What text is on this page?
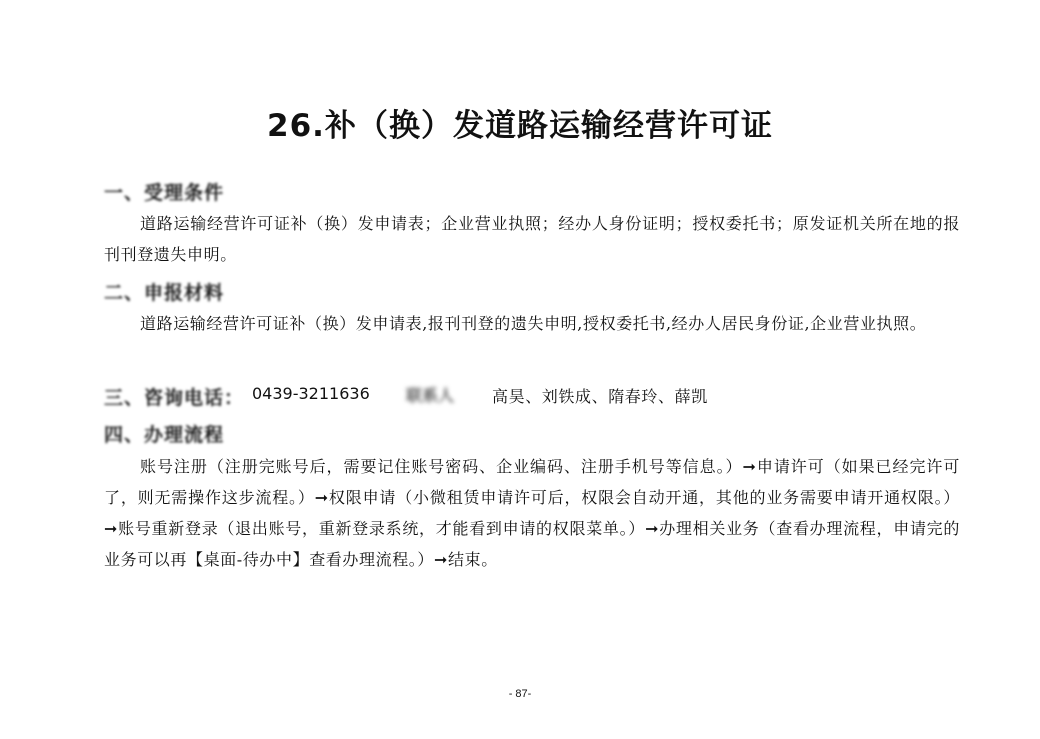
26.补（换）发道路运输经营许可证
一、受理条件
道路运输经营许可证补（换）发申请表；企业营业执照；经办人身份证明；授权委托书；原发证机关所在地的报刊刊登遗失申明。
二、申报材料
道路运输经营许可证补（换）发申请表,报刊刊登的遗失申明,授权委托书,经办人居民身份证,企业营业执照。
三、咨询电话： 0439-3211636 联系人 高昊、刘铁成、隋春玲、薛凯
四、办理流程
账号注册（注册完账号后，需要记住账号密码、企业编码、注册手机号等信息。）➞申请许可（如果已经完许可了，则无需操作这步流程。）➞权限申请（小微租赁申请许可后，权限会自动开通，其他的业务需要申请开通权限。）➞账号重新登录（退出账号，重新登录系统，才能看到申请的权限菜单。）➞办理相关业务（查看办理流程，申请完的业务可以再【桌面-待办中】查看办理流程。）➞结束。
- 87-
